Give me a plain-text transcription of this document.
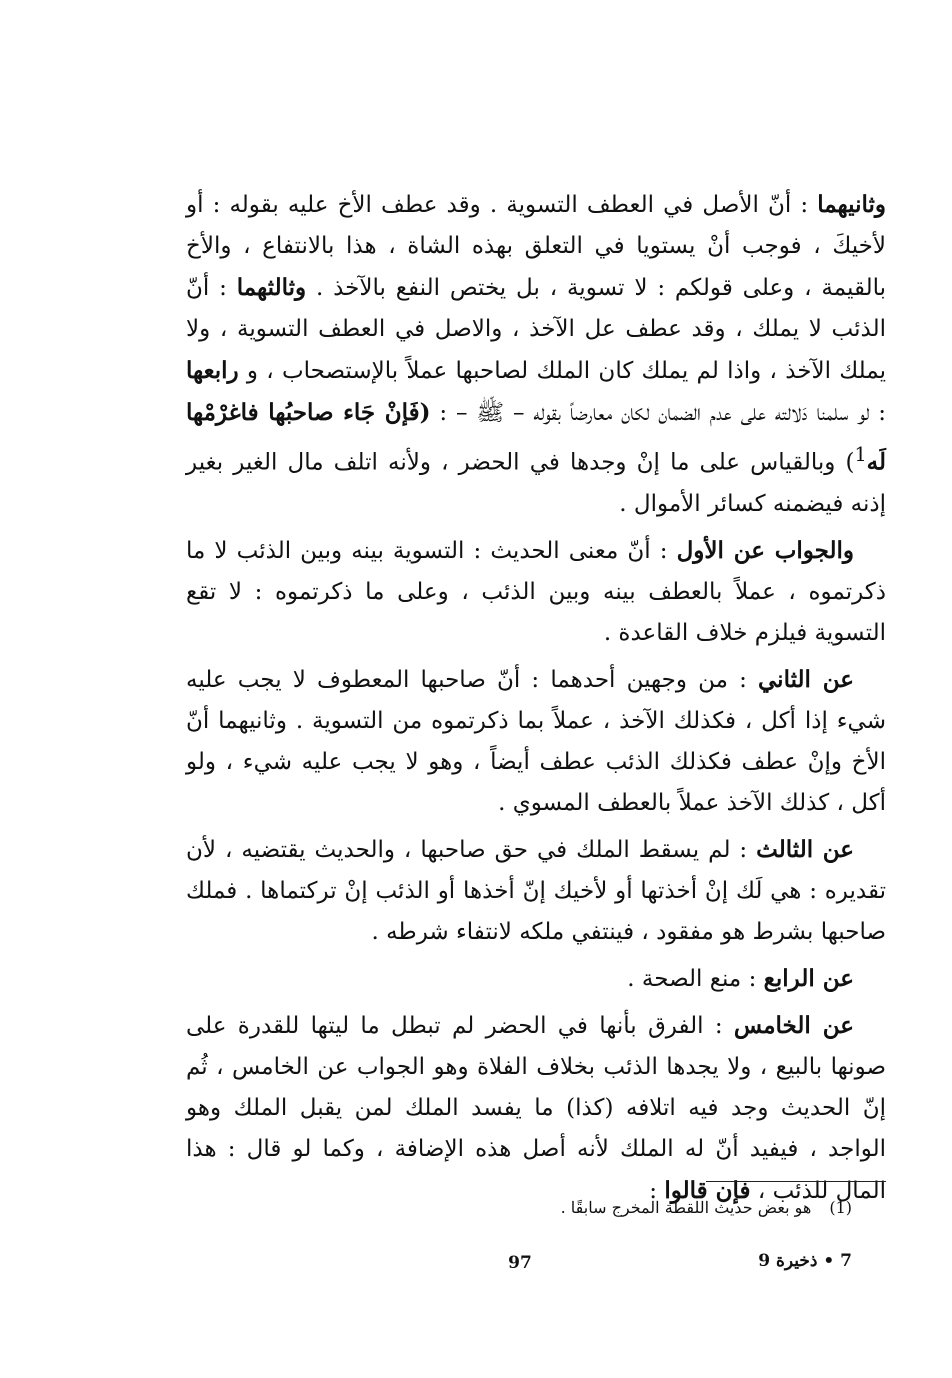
وثانيهما : أنّ الأصل في العطف التسوية . وقد عطف الأخ عليه بقوله : أو لأخيكَ ، فوجب أنْ يستويا في التعلق بهذه الشاة ، هذا بالانتفاع ، والأخ بالقيمة ، وعلى قولكم : لا تسوية ، بل يختص النفع بالآخذ . وثالثهما : أنّ الذئب لا يملك ، وقد عطف عل الآخذ ، والاصل في العطف التسوية ، ولا يملك الآخذ ، واذا لم يملك كان الملك لصاحبها عملاً بالإستصحاب ، و رابعها : لو سلمنا دَلالته على عدم الضمان لكان معارضاً بقوله – ﷺ – : (فَإنْ جَاء صاحبُها فاغرْمْها لَه$^1$) وبالقياس على ما إنْ وجدها في الحضر ، ولأنه اتلف مال الغير بغير إذنه فيضمنه كسائر الأموال .

والجواب عن الأول : أنّ معنى الحديث : التسوية بينه وبين الذئب لا ما ذكرتموه ، عملاً بالعطف بينه وبين الذئب ، وعلى ما ذكرتموه : لا تقع التسوية فيلزم خلاف القاعدة .

عن الثاني : من وجهين أحدهما : أنّ صاحبها المعطوف لا يجب عليه شيء إذا أكل ، فكذلك الآخذ ، عملاً بما ذكرتموه من التسوية . وثانيهما أنّ الأخ وإنْ عطف فكذلك الذئب عطف أيضاً ، وهو لا يجب عليه شيء ، ولو أكل ، كذلك الآخذ عملاً بالعطف المسوي .

عن الثالث : لم يسقط الملك في حق صاحبها ، والحديث يقتضيه ، لأن تقديره : هي لَك إنْ أخذتها أو لأخيك إنّ أخذها أو الذئب إنْ تركتماها . فملك صاحبها بشرط هو مفقود ، فينتفي ملكه لانتفاء شرطه .

عن الرابع : منع الصحة .

عن الخامس : الفرق بأنها في الحضر لم تبطل ما ليتها للقدرة على صونها بالبيع ، ولا يجدها الذئب بخلاف الفلاة وهو الجواب عن الخامس ، ثُم إنّ الحديث وجد فيه اتلافه (كذا) ما يفسد الملك لمن يقبل الملك وهو الواجد ، فيفيد أنّ له الملك لأنه أصل هذه الإضافة ، وكما لو قال : هذا المال للذئب ، فإن قالوا :

(1)هو بعض حديث اللقطة المخرج سابقًا .
97	7 • ذخيرة 9
